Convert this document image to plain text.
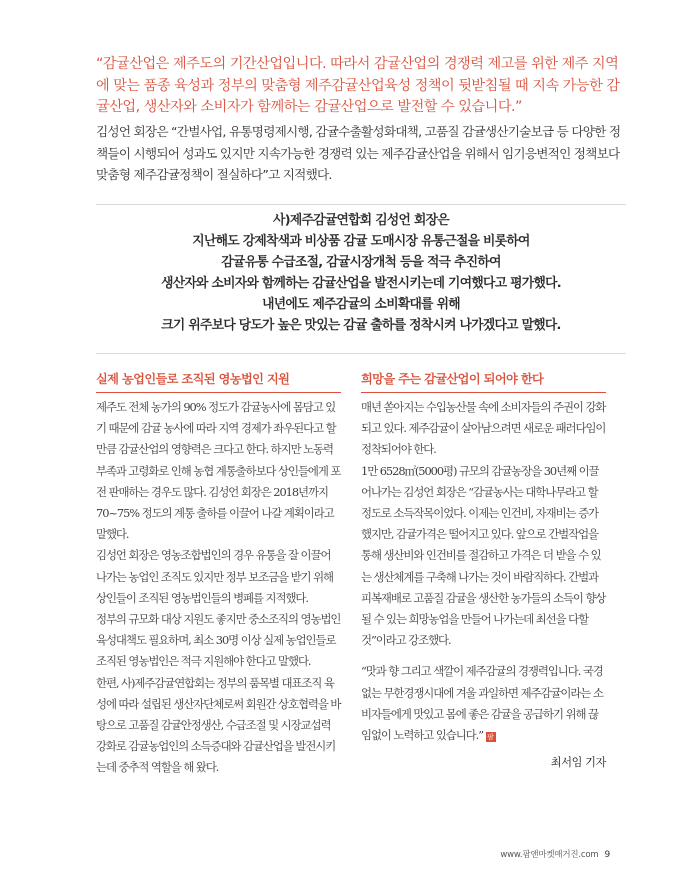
“감귤산업은 제주도의 기간산업입니다. 따라서 감귤산업의 경쟁력 제고를 위한 제주 지역에 맞는 품종 육성과 정부의 맞춤형 제주감귤산업육성 정책이 뒷받침될 때 지속 가능한 감귤산업, 생산자와 소비자가 함께하는 감귤산업으로 발전할 수 있습니다.”

김성언 회장은 “간벌사업, 유통명령제시행, 감귤수출활성화대책, 고품질 감귤생산기술보급 등 다양한 정책들이 시행되어 성과도 있지만 지속가능한 경쟁력 있는 제주감귤산업을 위해서 임기응변적인 정책보다 맞춤형 제주감귤정책이 절실하다”고 지적했다.

사)제주감귤연합회 김성언 회장은
지난해도 강제착색과 비상품 감귤 도매시장 유통근절을 비롯하여
감귤유통 수급조절, 감귤시장개척 등을 적극 추진하여
생산자와 소비자와 함께하는 감귤산업을 발전시키는데 기여했다고 평가했다.
내년에도 제주감귤의 소비확대를 위해
크기 위주보다 당도가 높은 맛있는 감귤 출하를 정착시켜 나가겠다고 말했다.
실제 농업인들로 조직된 영농법인 지원

제주도 전체 농가의 90% 정도가 감귤농사에 몸담고 있기 때문에 감귤 농사에 따라 지역 경제가 좌우된다고 할 만큼 감귤산업의 영향력은 크다고 한다. 하지만 노동력 부족과 고령화로 인해 농협 계통출하보다 상인들에게 포전 판매하는 경우도 많다. 김성언 회장은 2018년까지 70~75% 정도의 계통 출하를 이끌어 나갈 계획이라고 말했다.

김성언 회장은 영농조합법인의 경우 유통을 잘 이끌어 나가는 농업인 조직도 있지만 정부 보조금을 받기 위해 상인들이 조직된 영농법인들의 병폐를 지적했다.

정부의 규모화 대상 지원도 좋지만 중소조직의 영농법인 육성대책도 필요하며, 최소 30명 이상 실제 농업인들로 조직된 영농법인은 적극 지원해야 한다고 말했다.

한편, 사)제주감귤연합회는 정부의 품목별 대표조직 육성에 따라 설립된 생산자단체로써 회원간 상호협력을 바탕으로 고품질 감귤안정생산, 수급조절 및 시장교섭력 강화로 감귤농업인의 소득증대와 감귤산업을 발전시키는데 중추적 역할을 해 왔다.

희망을 주는 감귤산업이 되어야 한다

매년 쏟아지는 수입농산물 속에 소비자들의 주권이 강화되고 있다. 제주감귤이 살아남으려면 새로운 패러다임이 정착되어야 한다.

1만 6528㎡(5000평) 규모의 감귤농장을 30년째 이끌어나가는 김성언 회장은 “감귤농사는 대학나무라고 할 정도로 소득작목이었다. 이제는 인건비, 자재비는 증가했지만, 감귤가격은 떨어지고 있다. 앞으로 간벌작업을 통해 생산비와 인건비를 절감하고 가격은 더 받을 수 있는 생산체계를 구축해 나가는 것이 바람직하다. 간벌과 피복재배로 고품질 감귤을 생산한 농가들의 소득이 향상될 수 있는 희망농업을 만들어 나가는데 최선을 다할 것”이라고 강조했다.

“맛과 향 그리고 색깔이 제주감귤의 경쟁력입니다. 국경없는 무한경쟁시대에 겨울 과일하면 제주감귤이라는 소비자들에게 맛있고 몸에 좋은 감귤을 공급하기 위해 끊임없이 노력하고 있습니다.” 팜

최서임 기자
www.팜앤마켓매거진.com 9
